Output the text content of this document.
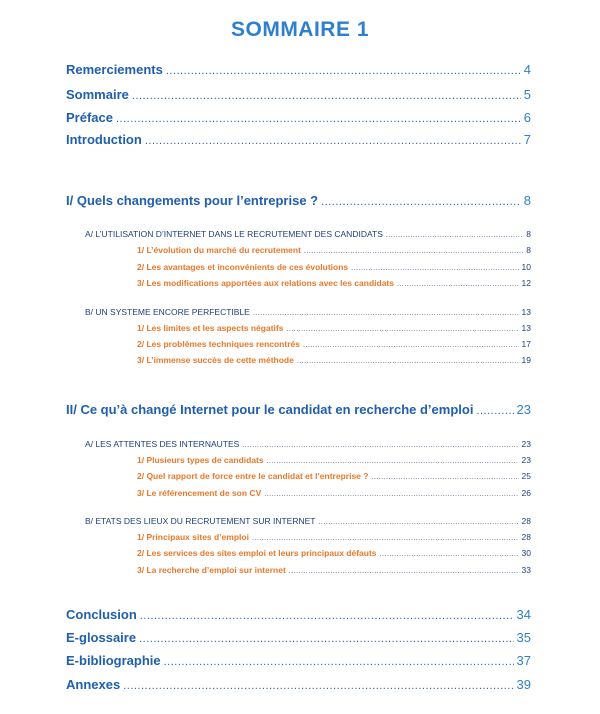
SOMMAIRE 1
Remerciements .....	4
Sommaire .....	5
Préface .....	6
Introduction .....	7
I/ Quels changements pour l’entreprise ? .....	8
A/ L’UTILISATION D’INTERNET DANS LE RECRUTEMENT DES CANDIDATS .....	8
1/ L’évolution du marché du recrutement .....	8
2/ Les avantages et inconvénients de ces évolutions .....	10
3/ Les modifications apportées aux relations avec les candidats .....	12
B/ UN SYSTEME ENCORE PERFECTIBLE .....	13
1/ Les limites et les aspects négatifs .....	13
2/ Les problèmes techniques rencontrés .....	17
3/ L’immense succès de cette méthode .....	19
II/ Ce qu’à changé Internet pour le candidat en recherche d’emploi .....	23
A/ LES ATTENTES DES INTERNAUTES .....	23
1/ Plusieurs types de candidats .....	23
2/ Quel rapport de force entre le candidat et l’entreprise ? .....	25
3/ Le référencement de son CV .....	26
B/ ETATS DES LIEUX DU RECRUTEMENT SUR INTERNET .....	28
1/ Principaux sites d’emploi .....	28
2/ Les services des sites emploi et leurs principaux défauts .....	30
3/ La recherche d’emploi sur internet .....	33
Conclusion .....	34
E-glossaire .....	35
E-bibliographie .....	37
Annexes .....	39
